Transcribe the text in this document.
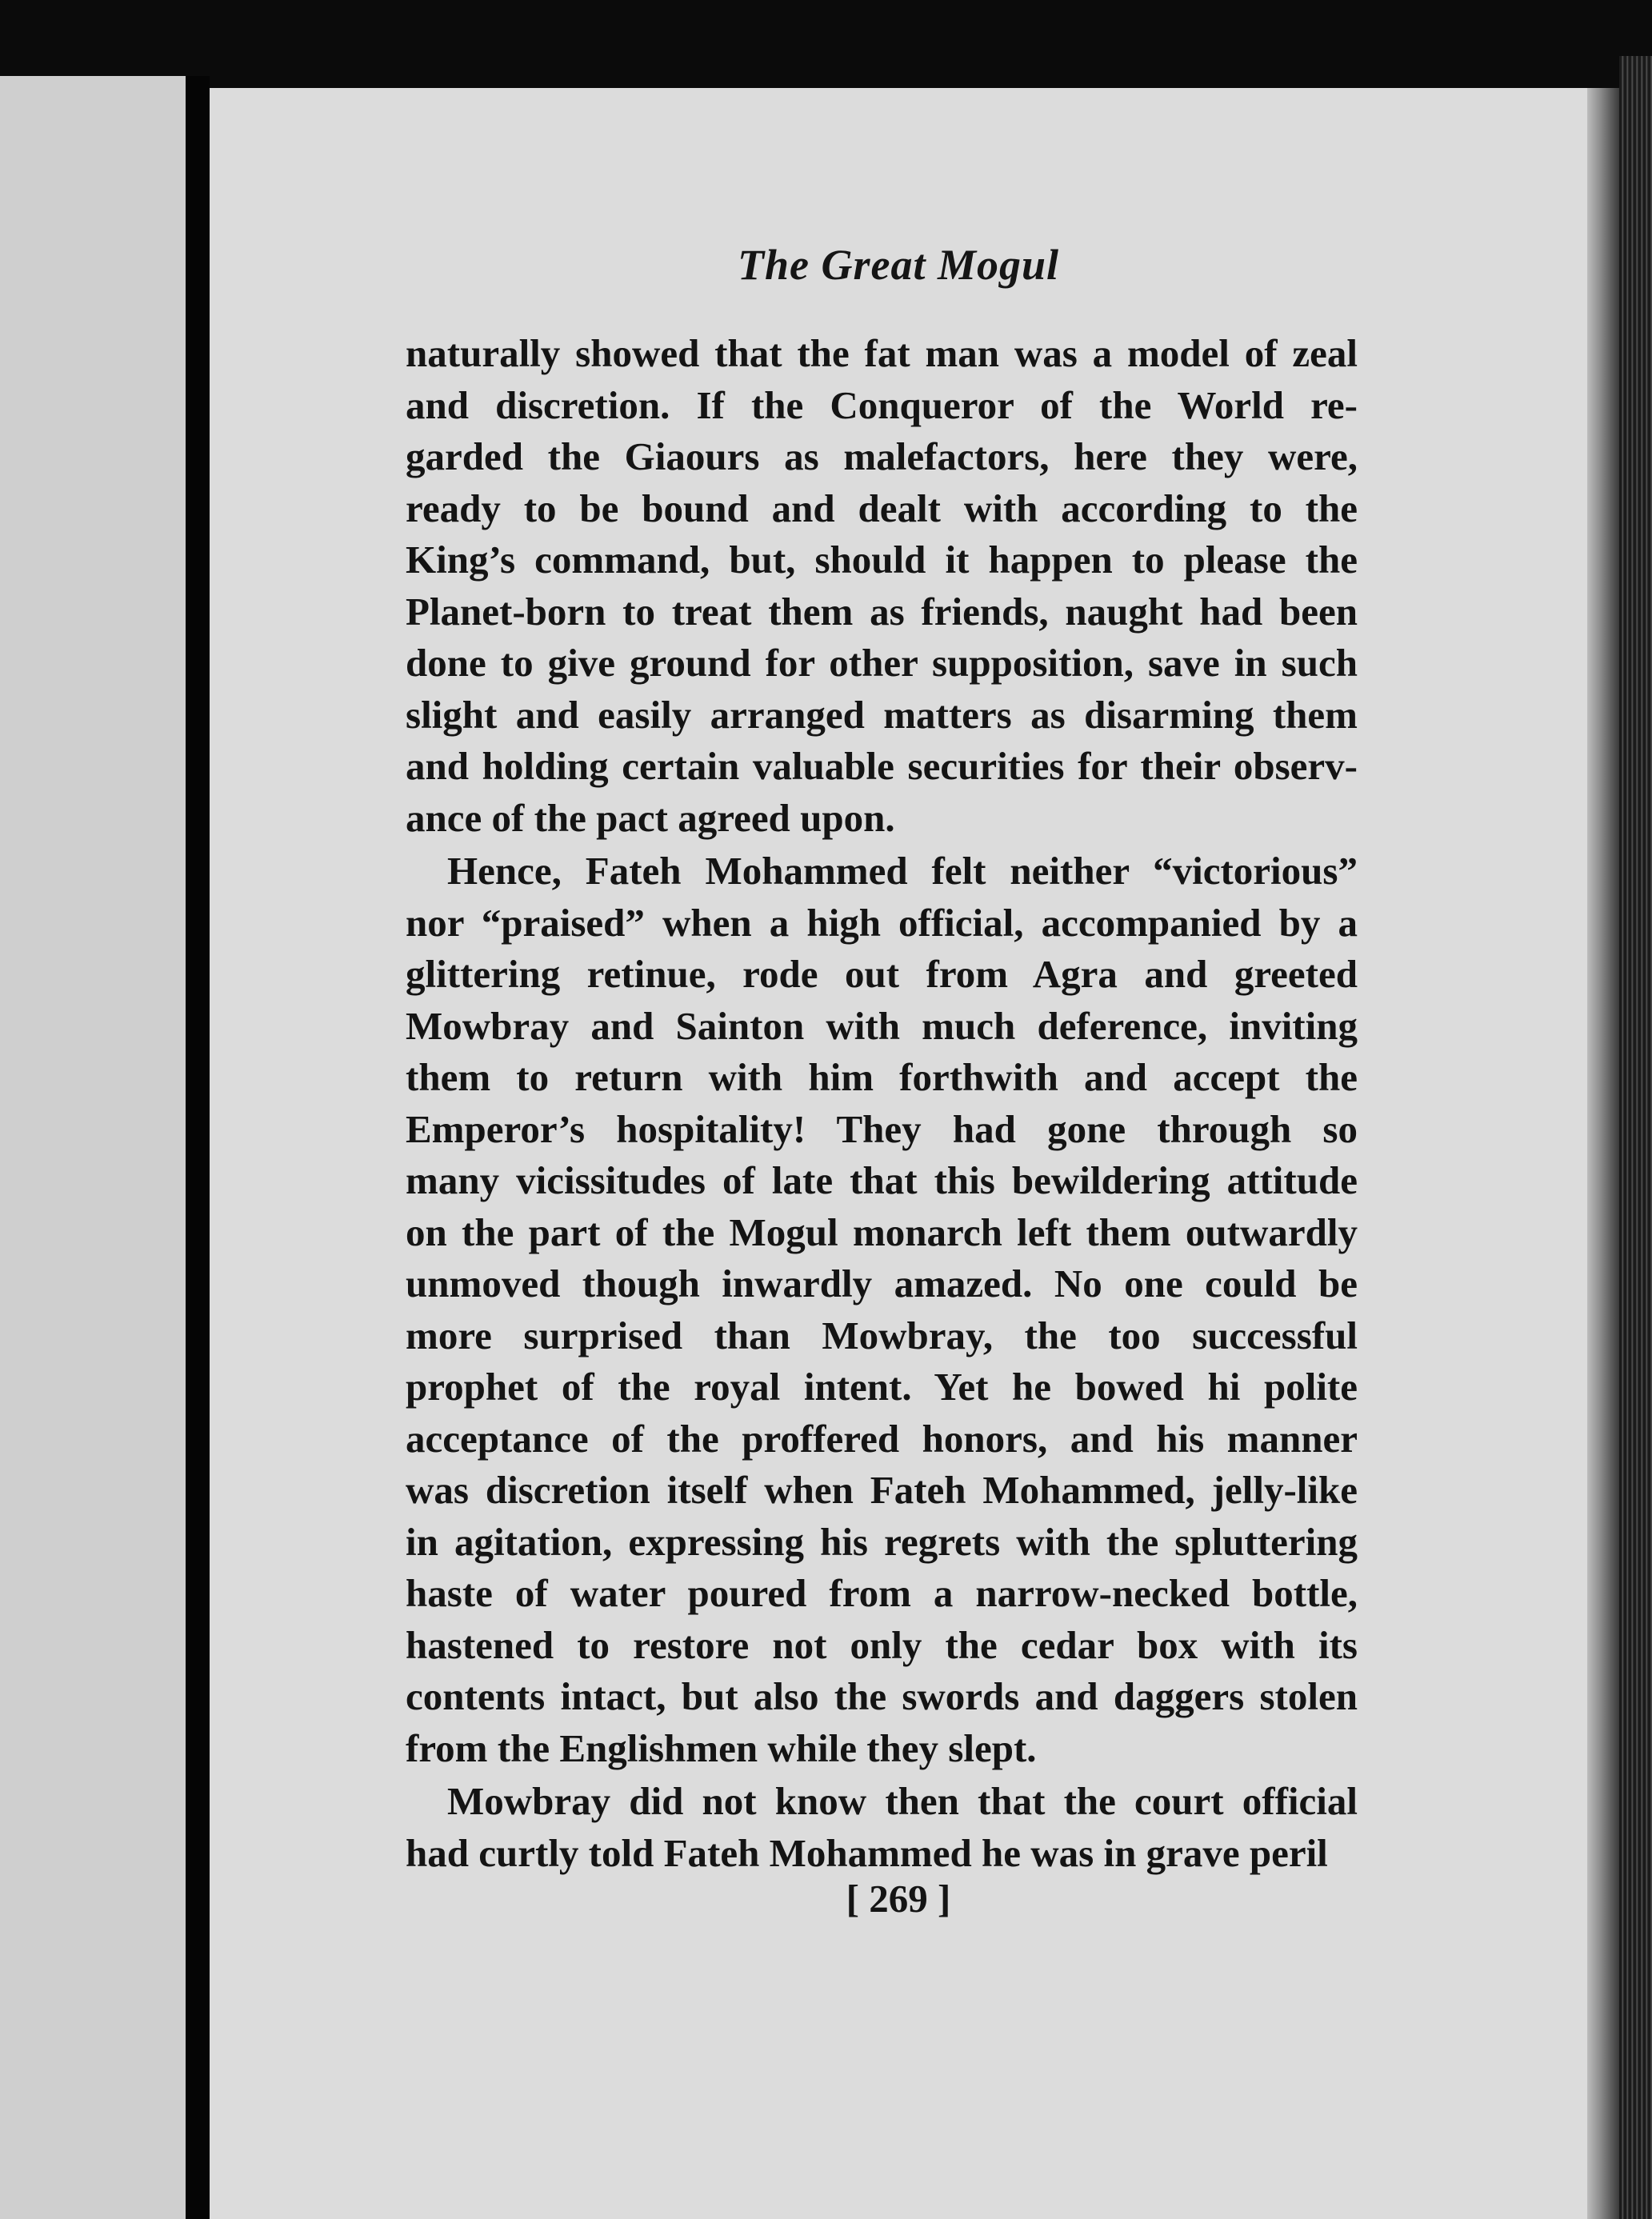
The Great Mogul
naturally showed that the fat man was a model of zeal
and discretion. If the Conqueror of the World re-
garded the Giaours as malefactors, here they were,
ready to be bound and dealt with according to the
King’s command, but, should it happen to please the
Planet-born to treat them as friends, naught had been
done to give ground for other supposition, save in such
slight and easily arranged matters as disarming them
and holding certain valuable securities for their observ-
ance of the pact agreed upon.
Hence, Fateh Mohammed felt neither “victorious”
nor “praised” when a high official, accompanied by a
glittering retinue, rode out from Agra and greeted
Mowbray and Sainton with much deference, inviting
them to return with him forthwith and accept the
Emperor’s hospitality! They had gone through so
many vicissitudes of late that this bewildering attitude
on the part of the Mogul monarch left them outwardly
unmoved though inwardly amazed. No one could be
more surprised than Mowbray, the too successful
prophet of the royal intent. Yet he bowed hi polite
acceptance of the proffered honors, and his manner
was discretion itself when Fateh Mohammed, jelly-like
in agitation, expressing his regrets with the spluttering
haste of water poured from a narrow-necked bottle,
hastened to restore not only the cedar box with its
contents intact, but also the swords and daggers stolen
from the Englishmen while they slept.
Mowbray did not know then that the court official
had curtly told Fateh Mohammed he was in grave peril
[ 269 ]
